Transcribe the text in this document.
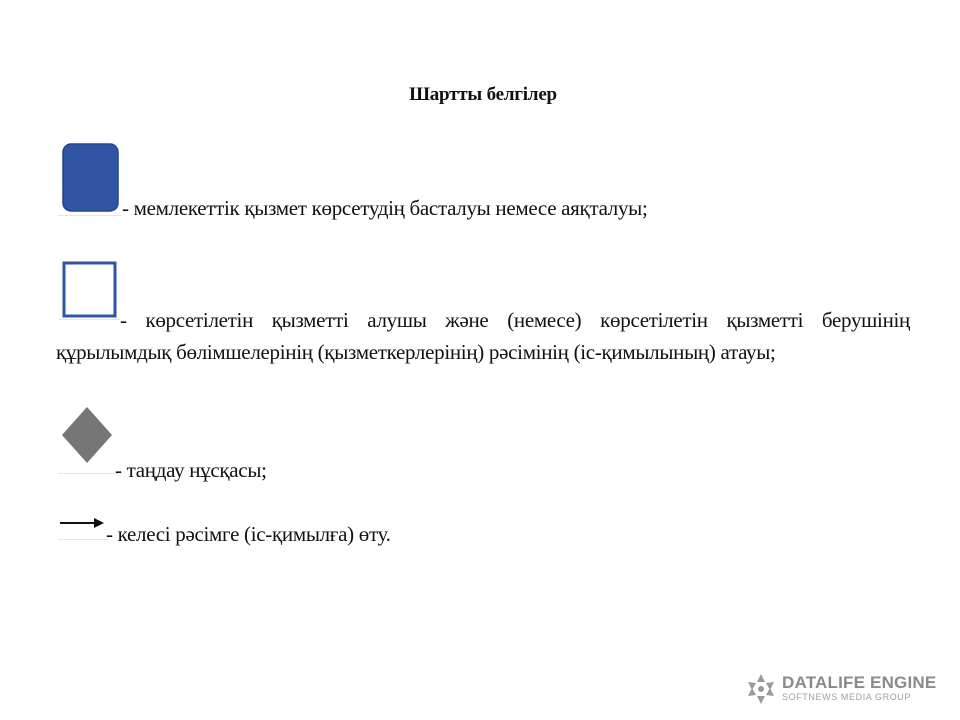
Шартты белгілер
- мемлекеттік қызмет көрсетудің басталуы немесе аяқталуы;
- көрсетілетін қызметті алушы және (немесе) көрсетілетін қызметті берушінің құрылымдық бөлімшелерінің (қызметкерлерінің) рәсімінің (іс-қимылының) атауы;
- таңдау нұсқасы;
- келесі рәсімге (іс-қимылға) өту.
DATALIFE ENGINE
SOFTNEWS MEDIA GROUP
